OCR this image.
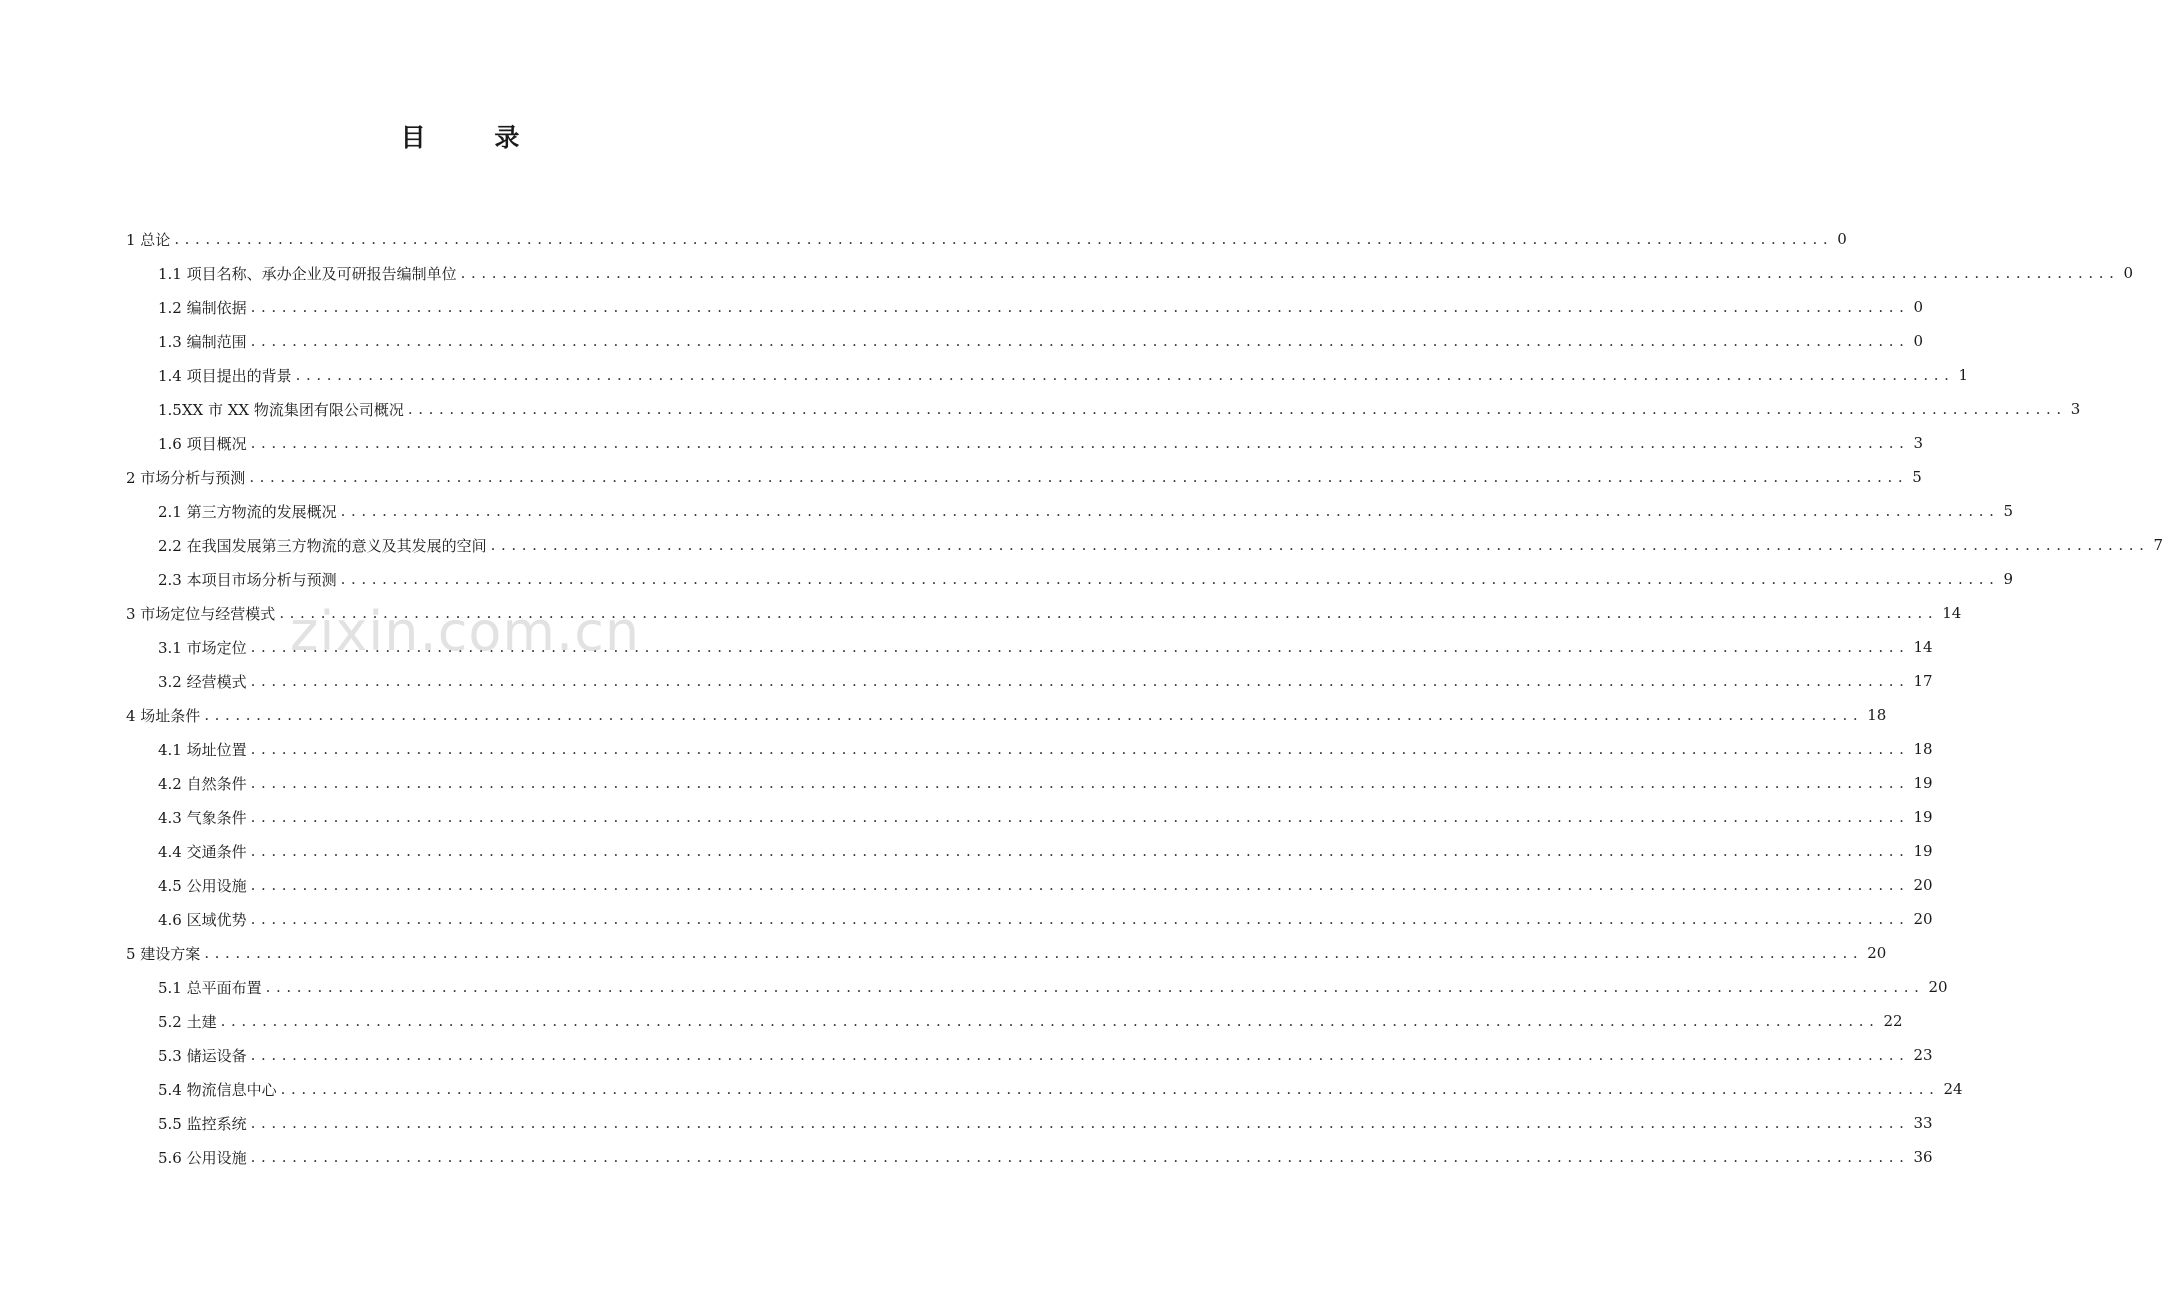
目 录
1 总论 ................................................................................................................................................................ 0
1.1 项目名称、承办企业及可研报告编制单位 ................................................................................................................................................................ 0
1.2 编制依据 ................................................................................................................................................................ 0
1.3 编制范围 ................................................................................................................................................................ 0
1.4 项目提出的背景 ................................................................................................................................................................ 1
1.5XX 市 XX 物流集团有限公司概况 ................................................................................................................................................................ 3
1.6 项目概况 ................................................................................................................................................................ 3
2 市场分析与预测 ................................................................................................................................................................ 5
2.1 第三方物流的发展概况 ................................................................................................................................................................ 5
2.2 在我国发展第三方物流的意义及其发展的空间 ................................................................................................................................................................ 7
2.3 本项目市场分析与预测 ................................................................................................................................................................ 9
3 市场定位与经营模式 ................................................................................................................................................................ 14
3.1 市场定位 ................................................................................................................................................................ 14
3.2 经营模式 ................................................................................................................................................................ 17
4 场址条件 ................................................................................................................................................................ 18
4.1 场址位置 ................................................................................................................................................................ 18
4.2 自然条件 ................................................................................................................................................................ 19
4.3 气象条件 ................................................................................................................................................................ 19
4.4 交通条件 ................................................................................................................................................................ 19
4.5 公用设施 ................................................................................................................................................................ 20
4.6 区域优势 ................................................................................................................................................................ 20
5 建设方案 ................................................................................................................................................................ 20
5.1 总平面布置 ................................................................................................................................................................ 20
5.2 土建 ................................................................................................................................................................ 22
5.3 储运设备 ................................................................................................................................................................ 23
5.4 物流信息中心 ................................................................................................................................................................ 24
5.5 监控系统 ................................................................................................................................................................ 33
5.6 公用设施 ................................................................................................................................................................ 36
zixin.com.cn
